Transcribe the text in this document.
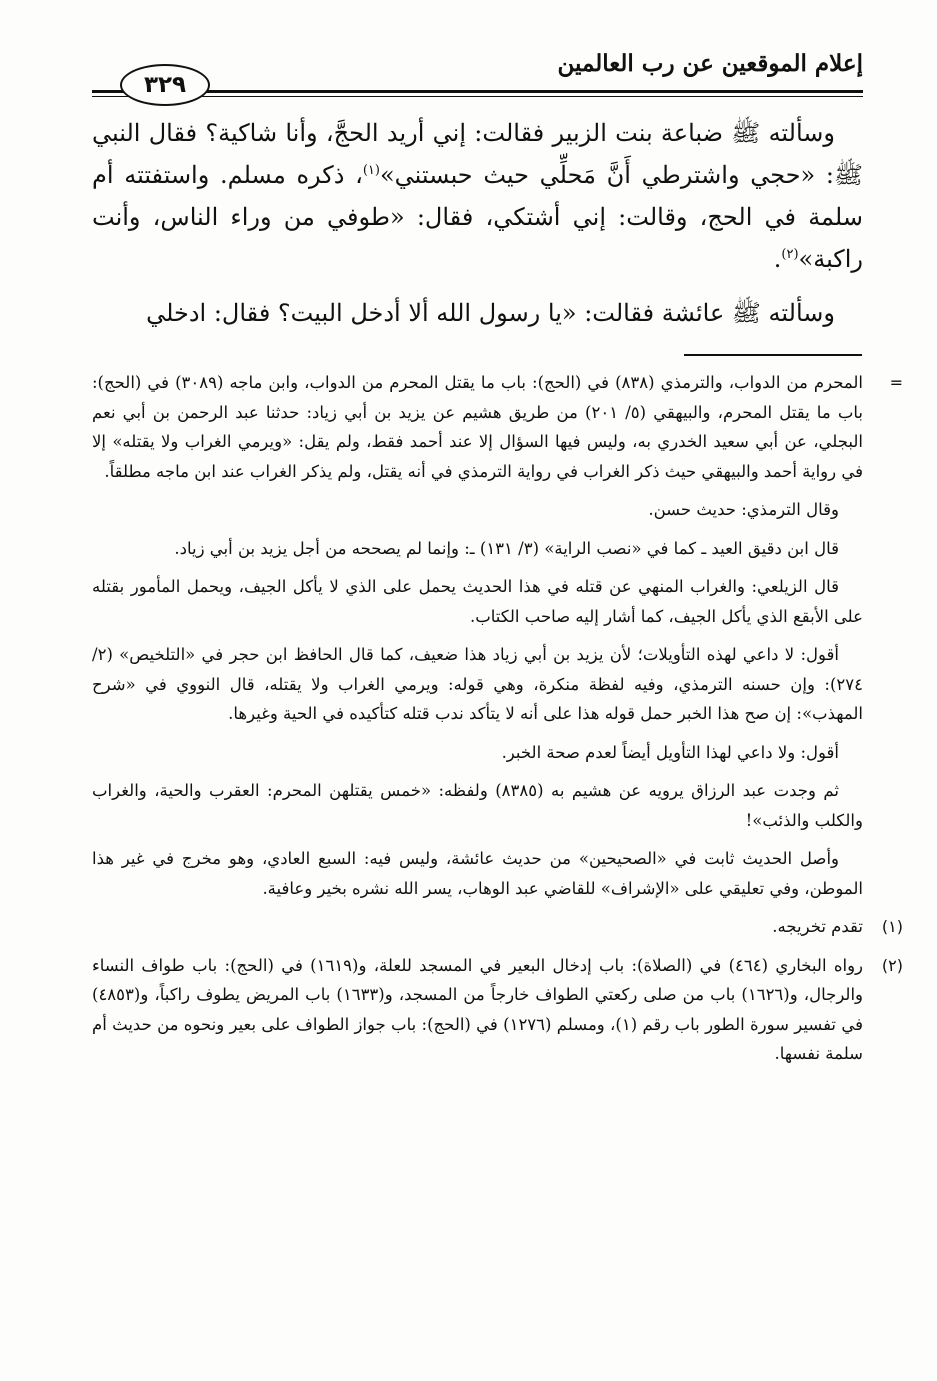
إعلام الموقعين عن رب العالمين
٣٢٩

وسألته ﷺ ضباعة بنت الزبير فقالت: إني أريد الحجَّ، وأنا شاكية؟ فقال النبي ﷺ: «حجي واشترطي أَنَّ مَحلِّي حيث حبستني»$^{(١)}$، ذكره مسلم. واستفتته أم سلمة في الحج، وقالت: إني أشتكي، فقال: «طوفي من وراء الناس، وأنت راكبة»$^{(٢)}$.

وسألته ﷺ عائشة فقالت: «يا رسول الله ألا أدخل البيت؟ فقال: ادخلي

=
المحرم من الدواب، والترمذي (٨٣٨) في (الحج): باب ما يقتل المحرم من الدواب، وابن ماجه (٣٠٨٩) في (الحج): باب ما يقتل المحرم، والبيهقي (٥/ ٢٠١) من طريق هشيم عن يزيد بن أبي زياد: حدثنا عبد الرحمن بن أبي نعم البجلي، عن أبي سعيد الخدري به، وليس فيها السؤال إلا عند أحمد فقط، ولم يقل: «ويرمي الغراب ولا يقتله» إلا في رواية أحمد والبيهقي حيث ذكر الغراب في رواية الترمذي في أنه يقتل، ولم يذكر الغراب عند ابن ماجه مطلقاً.
وقال الترمذي: حديث حسن.
قال ابن دقيق العيد ـ كما في «نصب الراية» (٣/ ١٣١) ـ: وإنما لم يصححه من أجل يزيد بن أبي زياد.
قال الزيلعي: والغراب المنهي عن قتله في هذا الحديث يحمل على الذي لا يأكل الجيف، ويحمل المأمور بقتله على الأبقع الذي يأكل الجيف، كما أشار إليه صاحب الكتاب.
أقول: لا داعي لهذه التأويلات؛ لأن يزيد بن أبي زياد هذا ضعيف، كما قال الحافظ ابن حجر في «التلخيص» (٢/ ٢٧٤): وإن حسنه الترمذي، وفيه لفظة منكرة، وهي قوله: ويرمي الغراب ولا يقتله، قال النووي في «شرح المهذب»: إن صح هذا الخبر حمل قوله هذا على أنه لا يتأكد ندب قتله كتأكيده في الحية وغيرها.
أقول: ولا داعي لهذا التأويل أيضاً لعدم صحة الخبر.
ثم وجدت عبد الرزاق يرويه عن هشيم به (٨٣٨٥) ولفظه: «خمس يقتلهن المحرم: العقرب والحية، والغراب والكلب والذئب»!
وأصل الحديث ثابت في «الصحيحين» من حديث عائشة، وليس فيه: السبع العادي، وهو مخرج في غير هذا الموطن، وفي تعليقي على «الإشراف» للقاضي عبد الوهاب، يسر الله نشره بخير وعافية.
(١)
تقدم تخريجه.
(٢)
رواه البخاري (٤٦٤) في (الصلاة): باب إدخال البعير في المسجد للعلة، و(١٦١٩) في (الحج): باب طواف النساء والرجال، و(١٦٢٦) باب من صلى ركعتي الطواف خارجاً من المسجد، و(١٦٣٣) باب المريض يطوف راكباً، و(٤٨٥٣) في تفسير سورة الطور باب رقم (١)، ومسلم (١٢٧٦) في (الحج): باب جواز الطواف على بعير ونحوه من حديث أم سلمة نفسها.
